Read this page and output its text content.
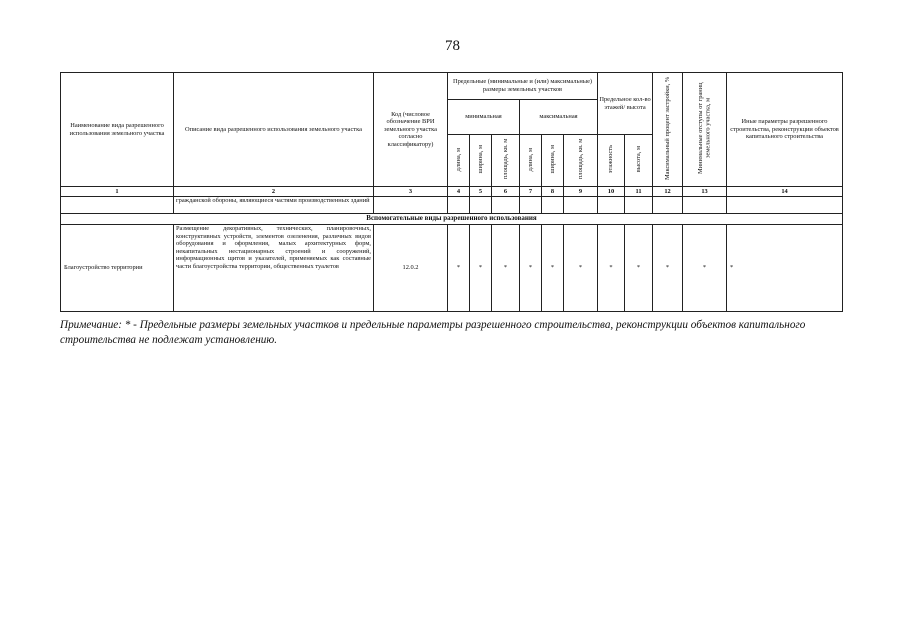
78
Наименование вида разрешенного использования земельного участка	Описание вида разрешенного использования земельного участка	Код (числовое обозначение ВРИ земельного участка согласно классификатору)	Предельные (минимальные и (или) максимальные) размеры земельных участков						Предельное кол-во этажей/ высота		Максимальный процент застройки, %	Минимальные отступы от границ земельного участка, м	Иные параметры разрешенного строительства, реконструкции объектов капитального строительства
			минимальная			максимальная							
			длина, м	ширина, м	площадь, кв. м	длина, м	ширина, м	площадь, кв. м	этажность	высота, м			
1	2	3	4	5	6	7	8	9	10	11	12	13	14
	гражданской обороны, являющиеся частями производственных зданий												
Вспомогательные виды разрешенного использования													
Благоустройство территории	Размещение декоративных, технических, планировочных, конструктивных устройств, элементов озеленения, различных видов оборудования и оформления, малых архитектурных форм, некапитальных нестационарных строений и сооружений, информационных щитов и указателей, применяемых как составные части благоустройства территории, общественных туалетов	12.0.2	*	*	*	*	*	*	*	*	*	*	*
Примечание: * - Предельные размеры земельных участков и предельные параметры разрешенного строительства, реконструкции объектов капитального строительства не подлежат установлению.
